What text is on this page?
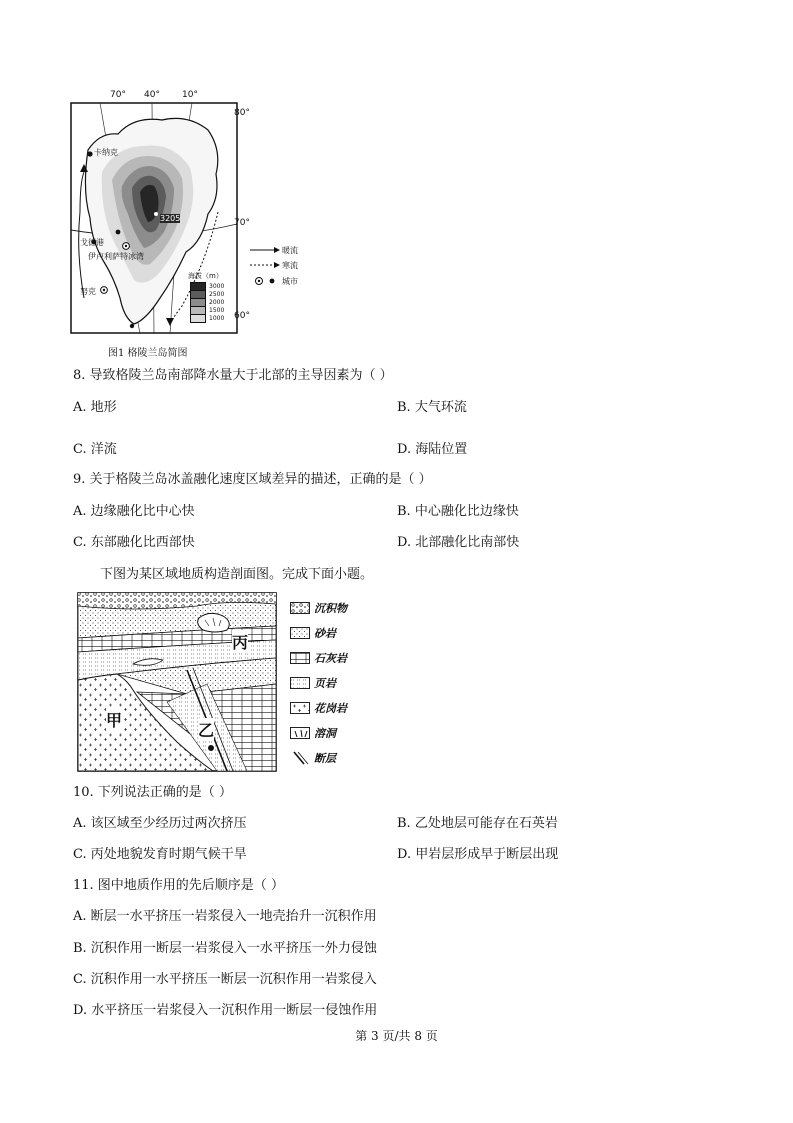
70° 40° 10°
卡纳克
3205
戈德港
伊卢利萨特冰湾
努克
80°
70°
60°
暖流
寒流
城市
海拔（m）
3000
2500
2000
1500
1000
图1 格陵兰岛简图
8. 导致格陵兰岛南部降水量大于北部的主导因素为（ ）
A. 地形	B. 大气环流
C. 洋流	D. 海陆位置
9. 关于格陵兰岛冰盖融化速度区域差异的描述，正确的是（ ）
A. 边缘融化比中心快	B. 中心融化比边缘快
C. 东部融化比西部快	D. 北部融化比南部快
下图为某区域地质构造剖面图。完成下面小题。
丙
甲
乙
沉积物
砂岩
石灰岩
页岩
花岗岩
溶洞
断层
10. 下列说法正确的是（ ）
A. 该区域至少经历过两次挤压	B. 乙处地层可能存在石英岩
C. 丙处地貌发育时期气候干旱	D. 甲岩层形成早于断层出现
11. 图中地质作用的先后顺序是（ ）
A. 断层一水平挤压一岩浆侵入一地壳抬升一沉积作用
B. 沉积作用一断层一岩浆侵入一水平挤压一外力侵蚀
C. 沉积作用一水平挤压一断层一沉积作用一岩浆侵入
D. 水平挤压一岩浆侵入一沉积作用一断层一侵蚀作用
第 3 页/共 8 页
